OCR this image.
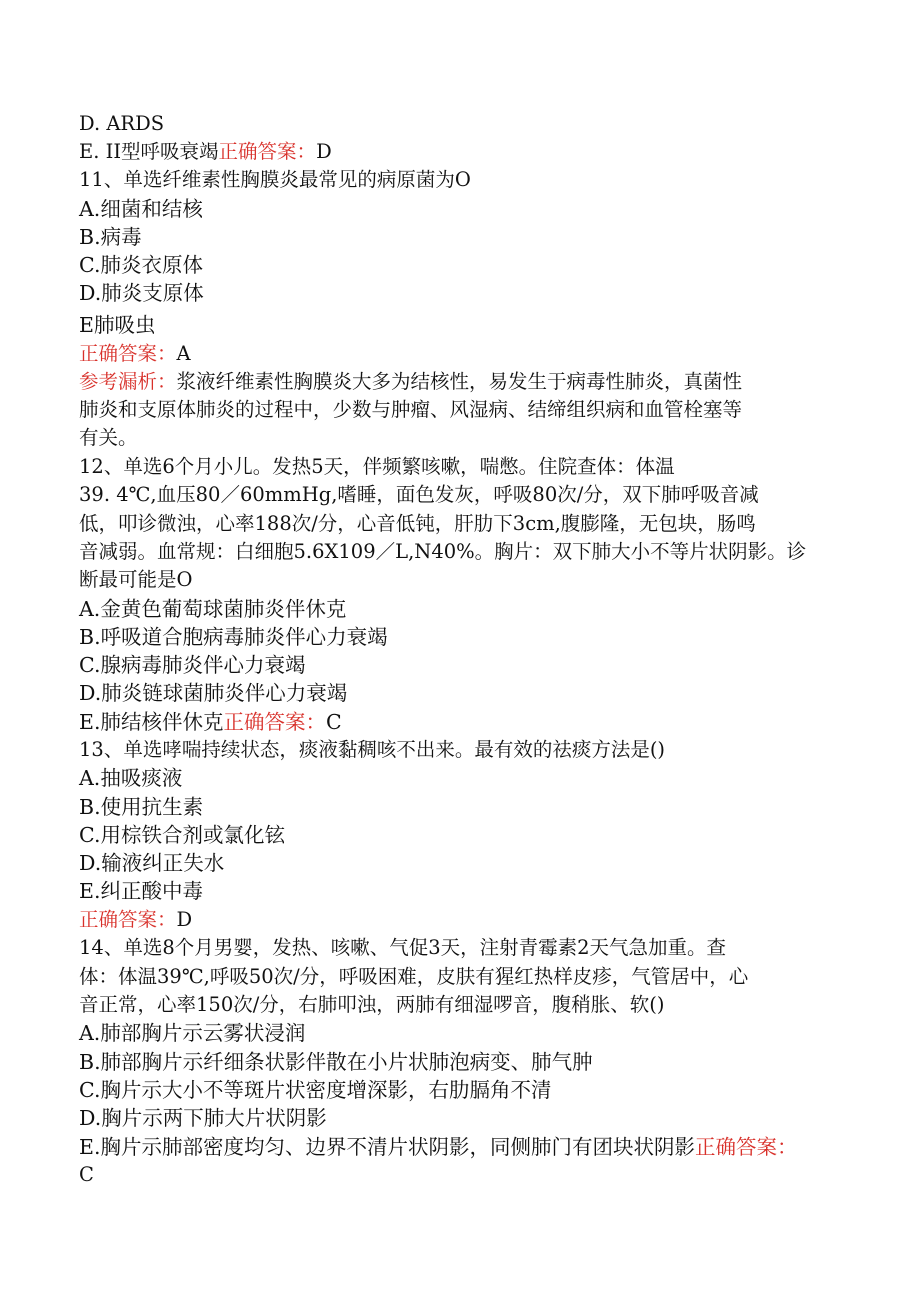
D. ARDS
E. II型呼吸衰竭正确答案：D
11、单选纤维素性胸膜炎最常见的病原菌为O
A.细菌和结核
B.病毒
C.肺炎衣原体
D.肺炎支原体
E肺吸虫
正确答案：A
参考漏析：浆液纤维素性胸膜炎大多为结核性，易发生于病毒性肺炎，真菌性
肺炎和支原体肺炎的过程中，少数与肿瘤、风湿病、结缔组织病和血管栓塞等
有关。
12、单选6个月小儿。发热5天，伴频繁咳嗽，喘憋。住院查体：体温
39. 4℃,血压80／60mmHg,嗜睡，面色发灰，呼吸80次/分，双下肺呼吸音减
低，叩诊微浊，心率188次/分，心音低钝，肝肋下3cm,腹膨隆，无包块，肠鸣
音减弱。血常规：白细胞5.6X109／L,N40%。胸片：双下肺大小不等片状阴影。诊
断最可能是O
A.金黄色葡萄球菌肺炎伴休克
B.呼吸道合胞病毒肺炎伴心力衰竭
C.腺病毒肺炎伴心力衰竭
D.肺炎链球菌肺炎伴心力衰竭
E.肺结核伴休克正确答案：C
13、单选哮喘持续状态，痰液黏稠咳不出来。最有效的祛痰方法是()
A.抽吸痰液
B.使用抗生素
C.用棕铁合剂或氯化铉
D.输液纠正失水
E.纠正酸中毒
正确答案：D
14、单选8个月男婴，发热、咳嗽、气促3天，注射青霉素2天气急加重。查
体：体温39℃,呼吸50次/分，呼吸困难，皮肤有猩红热样皮疹，气管居中，心
音正常，心率150次/分，右肺叩浊，两肺有细湿啰音，腹稍胀、软()
A.肺部胸片示云雾状浸润
B.肺部胸片示纤细条状影伴散在小片状肺泡病变、肺气肿
C.胸片示大小不等斑片状密度增深影，右肋膈角不清
D.胸片示两下肺大片状阴影
E.胸片示肺部密度均匀、边界不清片状阴影，同侧肺门有团块状阴影正确答案：
C
